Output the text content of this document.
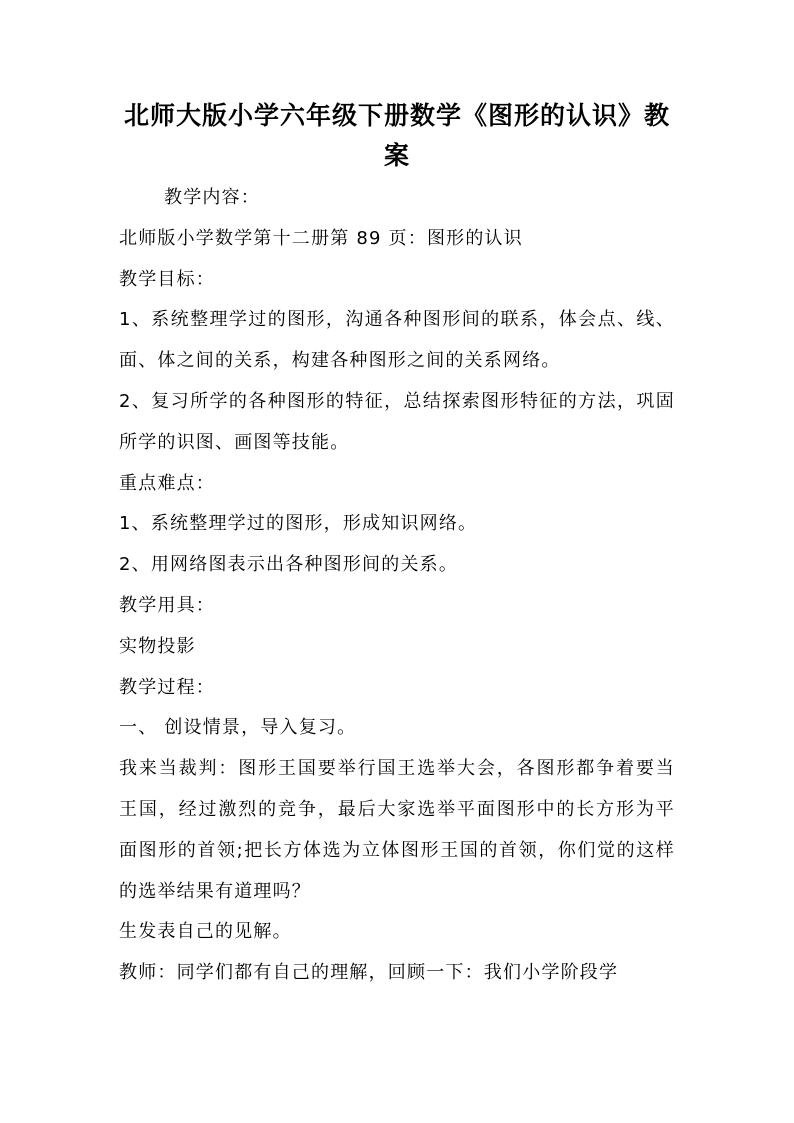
北师大版小学六年级下册数学《图形的认识》教案

教学内容：

北师版小学数学第十二册第 89 页：图形的认识

教学目标：

1、系统整理学过的图形，沟通各种图形间的联系，体会点、线、面、体之间的关系，构建各种图形之间的关系网络。

2、复习所学的各种图形的特征，总结探索图形特征的方法，巩固所学的识图、画图等技能。

重点难点：

1、系统整理学过的图形，形成知识网络。

2、用网络图表示出各种图形间的关系。

教学用具：

实物投影

教学过程：

一、 创设情景，导入复习。

我来当裁判：图形王国要举行国王选举大会，各图形都争着要当王国，经过激烈的竞争，最后大家选举平面图形中的长方形为平面图形的首领;把长方体选为立体图形王国的首领，你们觉的这样的选举结果有道理吗？

生发表自己的见解。

教师：同学们都有自己的理解，回顾一下：我们小学阶段学
